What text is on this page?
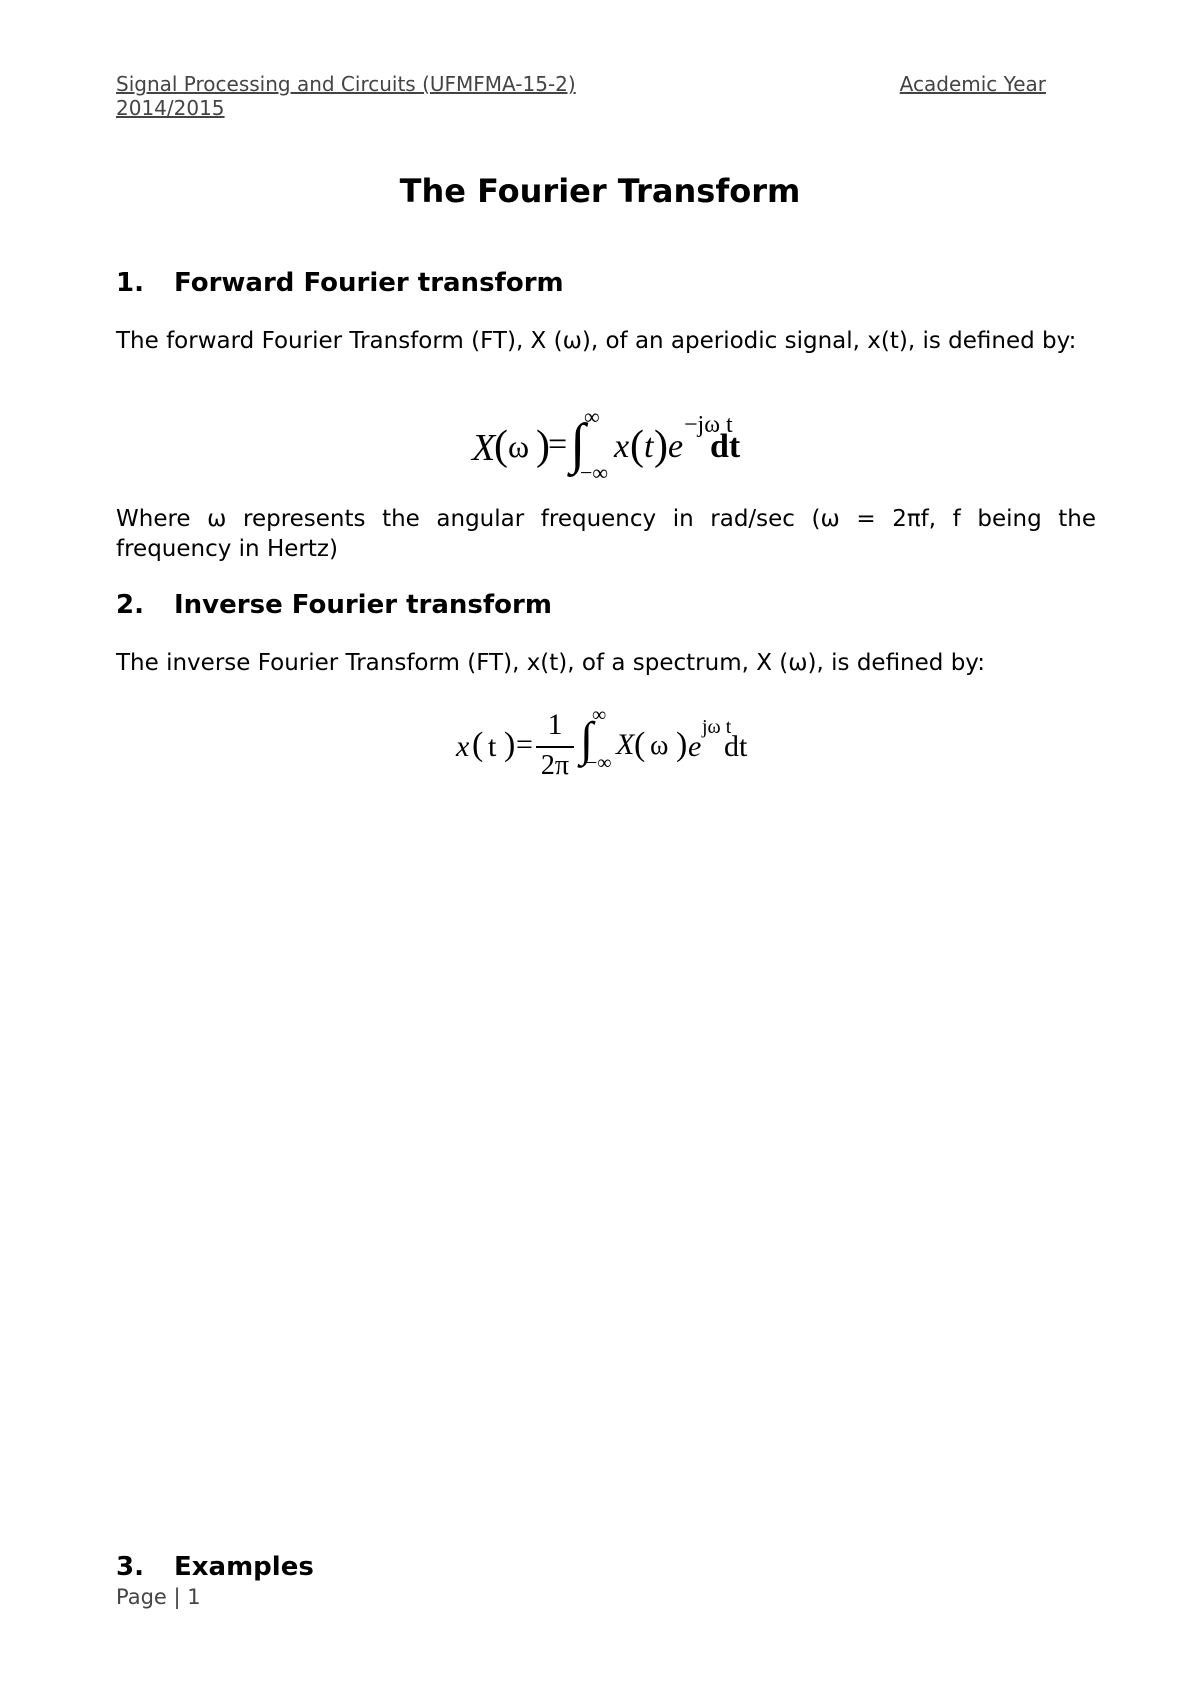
Signal Processing and Circuits (UFMFMA-15-2)	Academic Year
2014/2015
The Fourier Transform
1.	Forward Fourier transform
The forward Fourier Transform (FT), X (ω), of an aperiodic signal, x(t), is defined by:
X
( ω )
= ∫
∞
−∞
x ( t ) e
−jω t
dt
Where ω represents the angular frequency in rad/sec (ω = 2πf, f being the frequency in Hertz)
2.	Inverse Fourier transform
The inverse Fourier Transform (FT), x(t), of a spectrum, X (ω), is defined by:
x ( t ) =
1
2π ∫
∞
−∞
X ( ω ) e
jω t
dt
3.	Examples
Page | 1
